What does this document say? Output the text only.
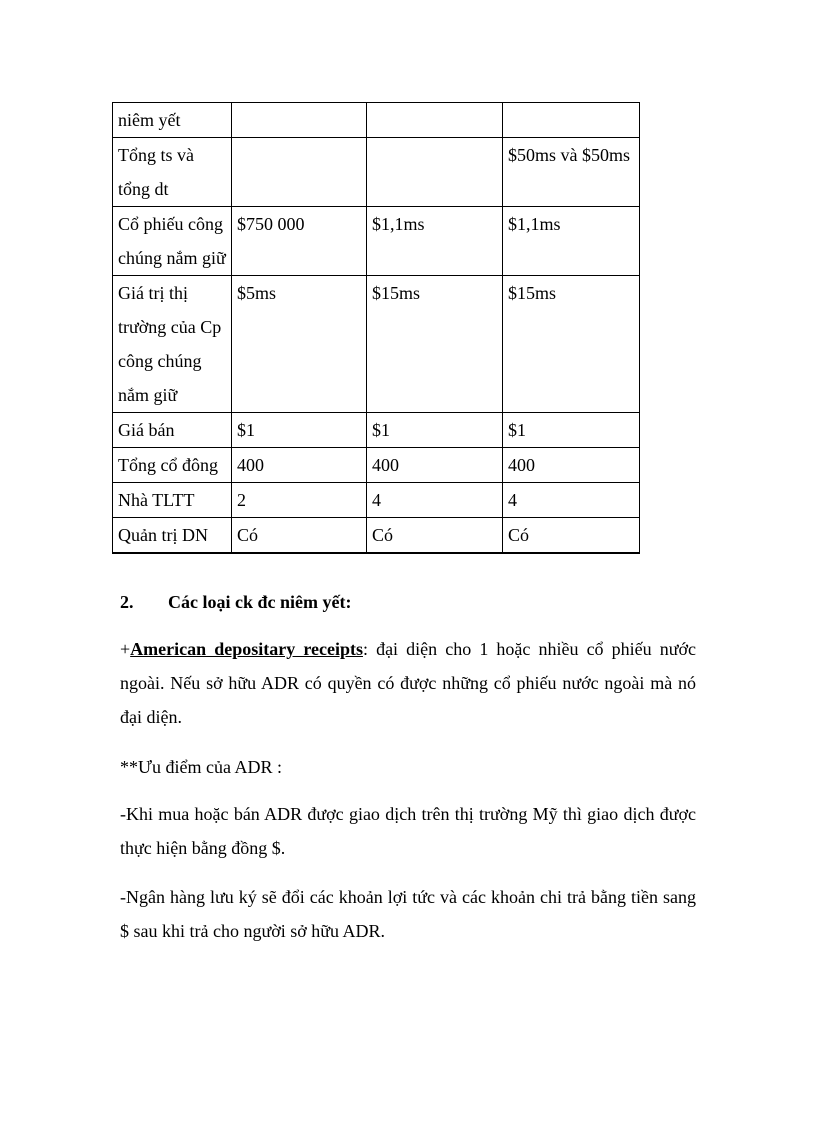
niêm yết			
Tổng ts và tổng dt			$50ms và $50ms
Cổ phiếu công chúng nắm giữ	$750 000	$1,1ms	$1,1ms
Giá trị thị trường của Cp công chúng nắm giữ	$5ms	$15ms	$15ms
Giá bán	$1	$1	$1
Tổng cổ đông	400	400	400
Nhà TLTT	2	4	4
Quản trị DN	Có	Có	Có

2. Các loại ck đc niêm yết:

+American depositary receipts: đại diện cho 1 hoặc nhiều cổ phiếu nước ngoài. Nếu sở hữu ADR có quyền có được những cổ phiếu nước ngoài mà nó đại diện.

**Ưu điểm của ADR :

-Khi mua hoặc bán ADR được giao dịch trên thị trường Mỹ thì giao dịch được thực hiện bằng đồng $.

-Ngân hàng lưu ký sẽ đổi các khoản lợi tức và các khoản chi trả bằng tiền sang $ sau khi trả cho người sở hữu ADR.
